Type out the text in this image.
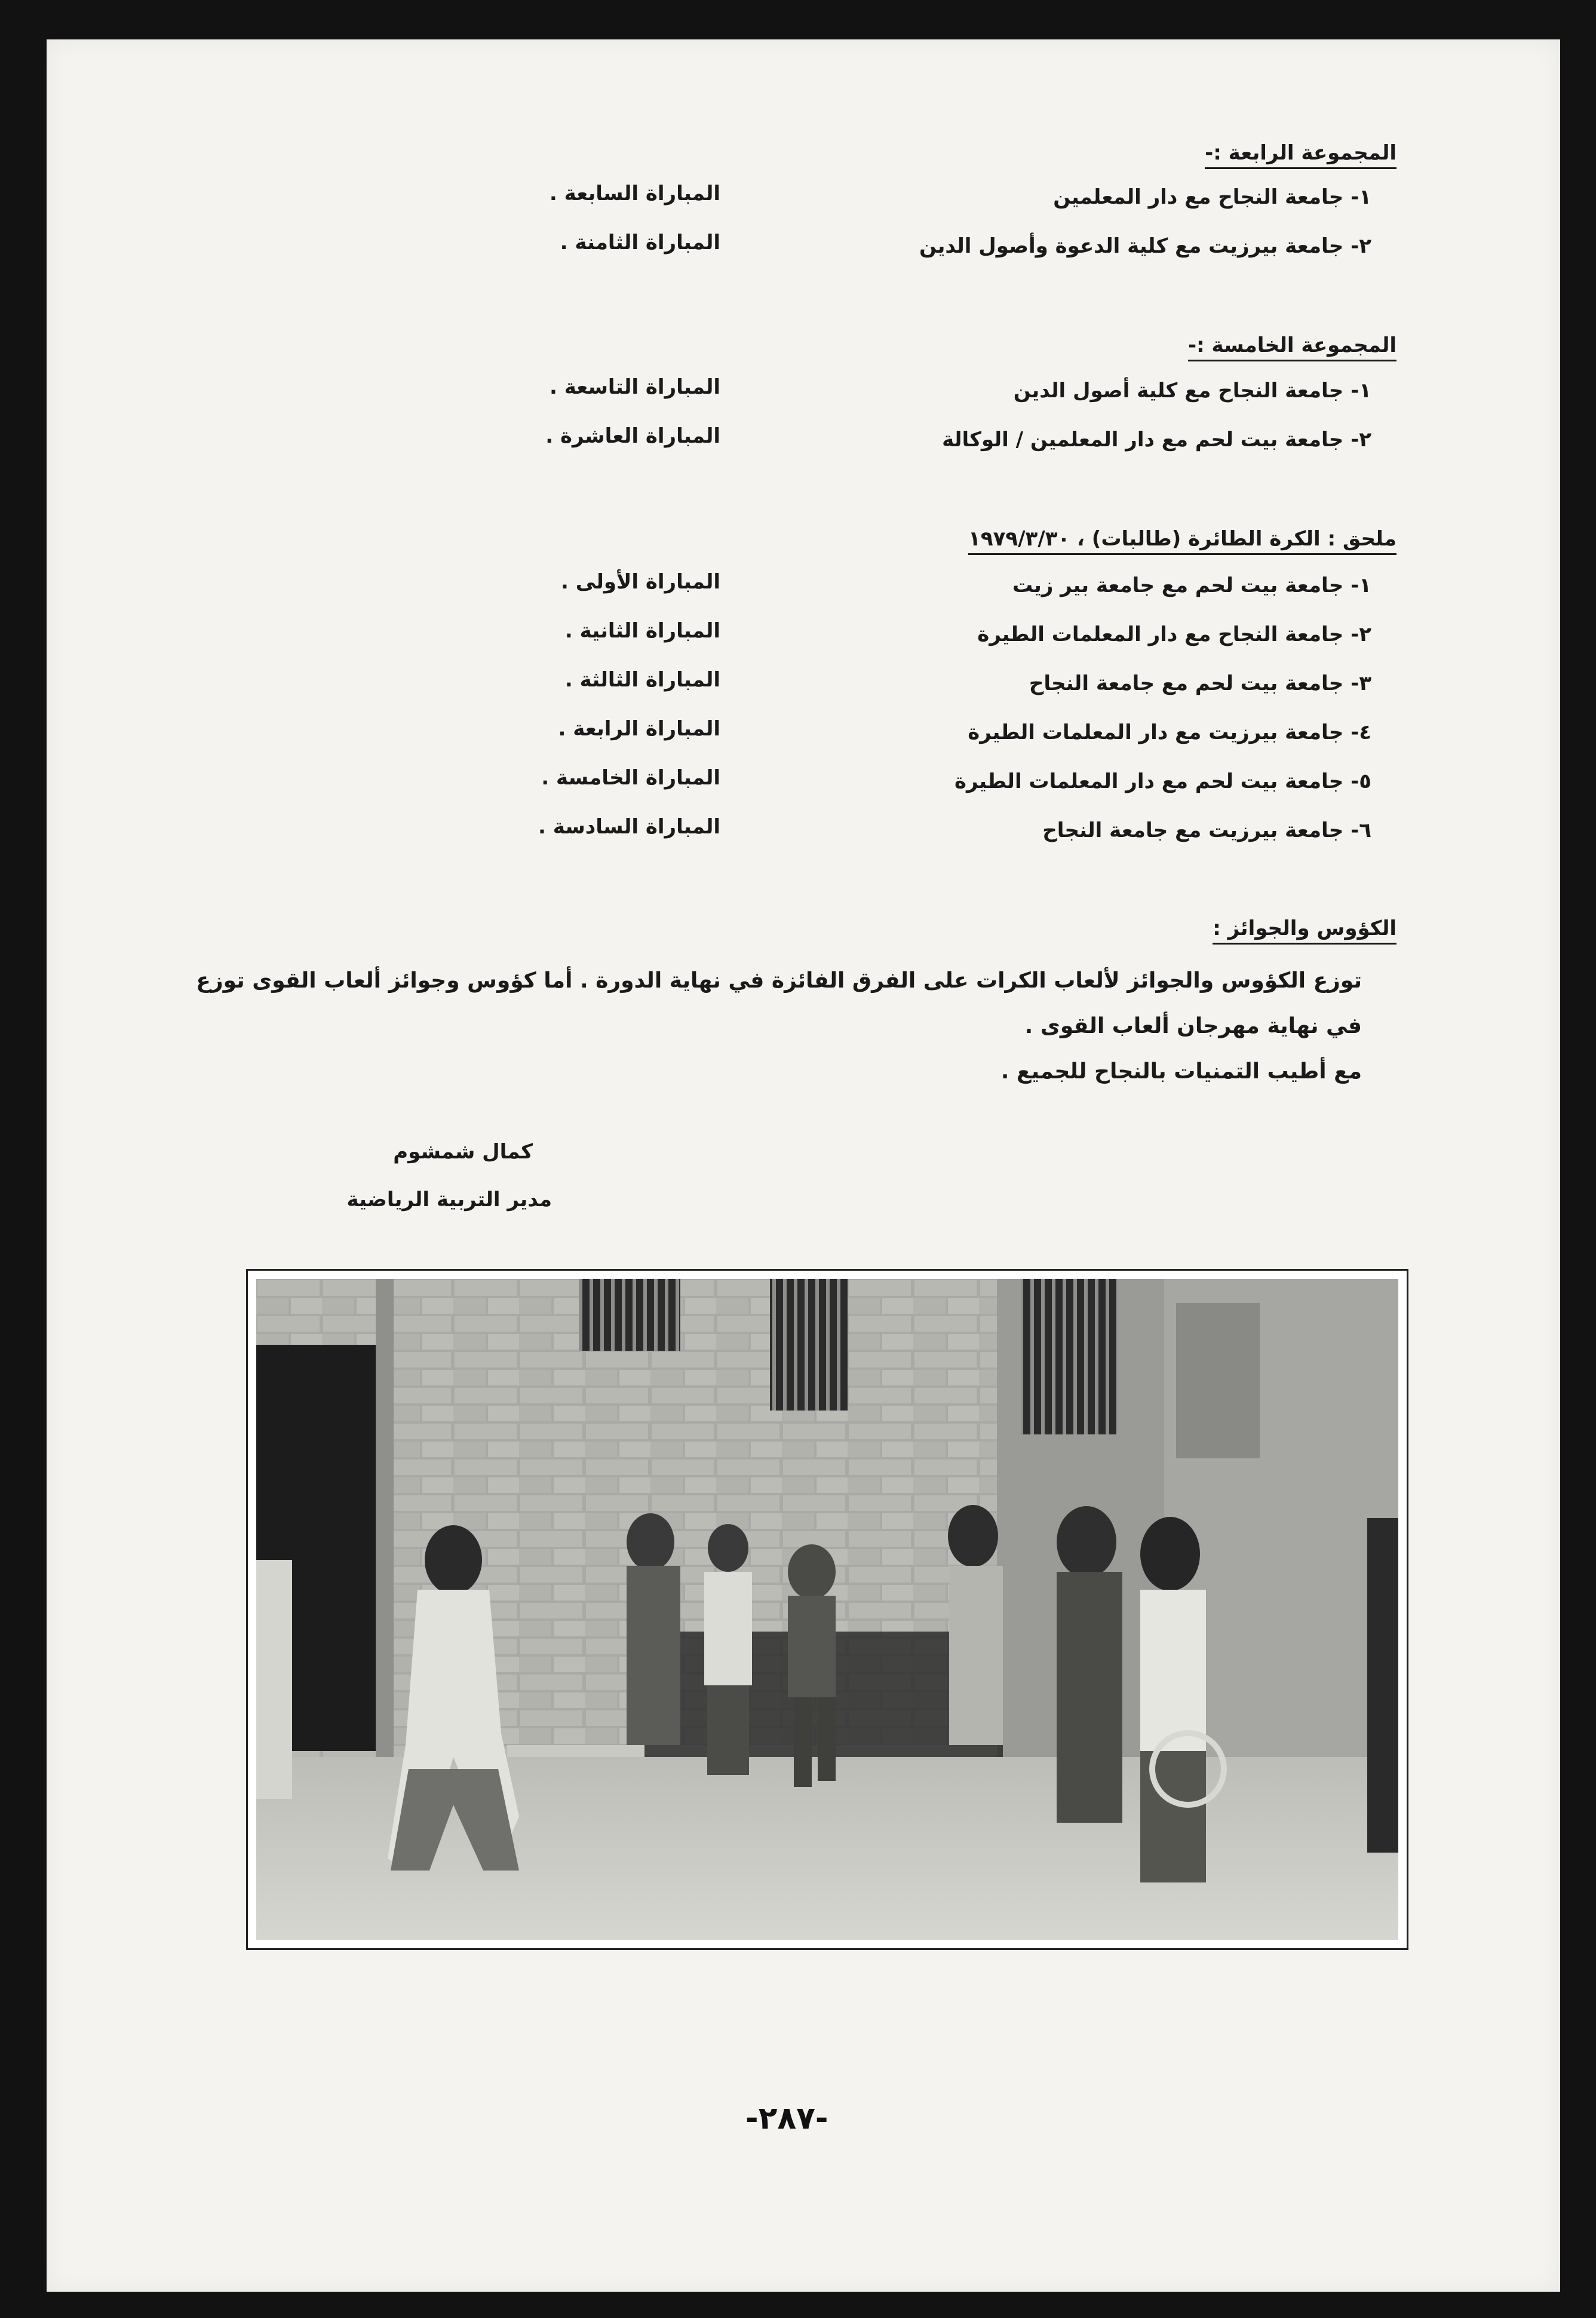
المجموعة الرابعة :-
١- جامعة النجاح مع دار المعلمين
المباراة السابعة .
٢- جامعة بيرزيت مع كلية الدعوة وأصول الدين
المباراة الثامنة .
المجموعة الخامسة :-
١- جامعة النجاح مع كلية أصول الدين
المباراة التاسعة .
٢- جامعة بيت لحم مع دار المعلمين / الوكالة
المباراة العاشرة .
ملحق : الكرة الطائرة (طالبات) ، ١٩٧٩/٣/٣٠
١- جامعة بيت لحم مع جامعة بير زيت
المباراة الأولى .
٢- جامعة النجاح مع دار المعلمات الطيرة
المباراة الثانية .
٣- جامعة بيت لحم مع جامعة النجاح
المباراة الثالثة .
٤- جامعة بيرزيت مع دار المعلمات الطيرة
المباراة الرابعة .
٥- جامعة بيت لحم مع دار المعلمات الطيرة
المباراة الخامسة .
٦- جامعة بيرزيت مع جامعة النجاح
المباراة السادسة .
الكؤوس والجوائز :
توزع الكؤوس والجوائز لألعاب الكرات على الفرق الفائزة في نهاية الدورة . أما كؤوس وجوائز ألعاب القوى توزع في نهاية مهرجان ألعاب القوى .
مع أطيب التمنيات بالنجاح للجميع .
كمال شمشوم
مدير التربية الرياضية
-٢٨٧-
